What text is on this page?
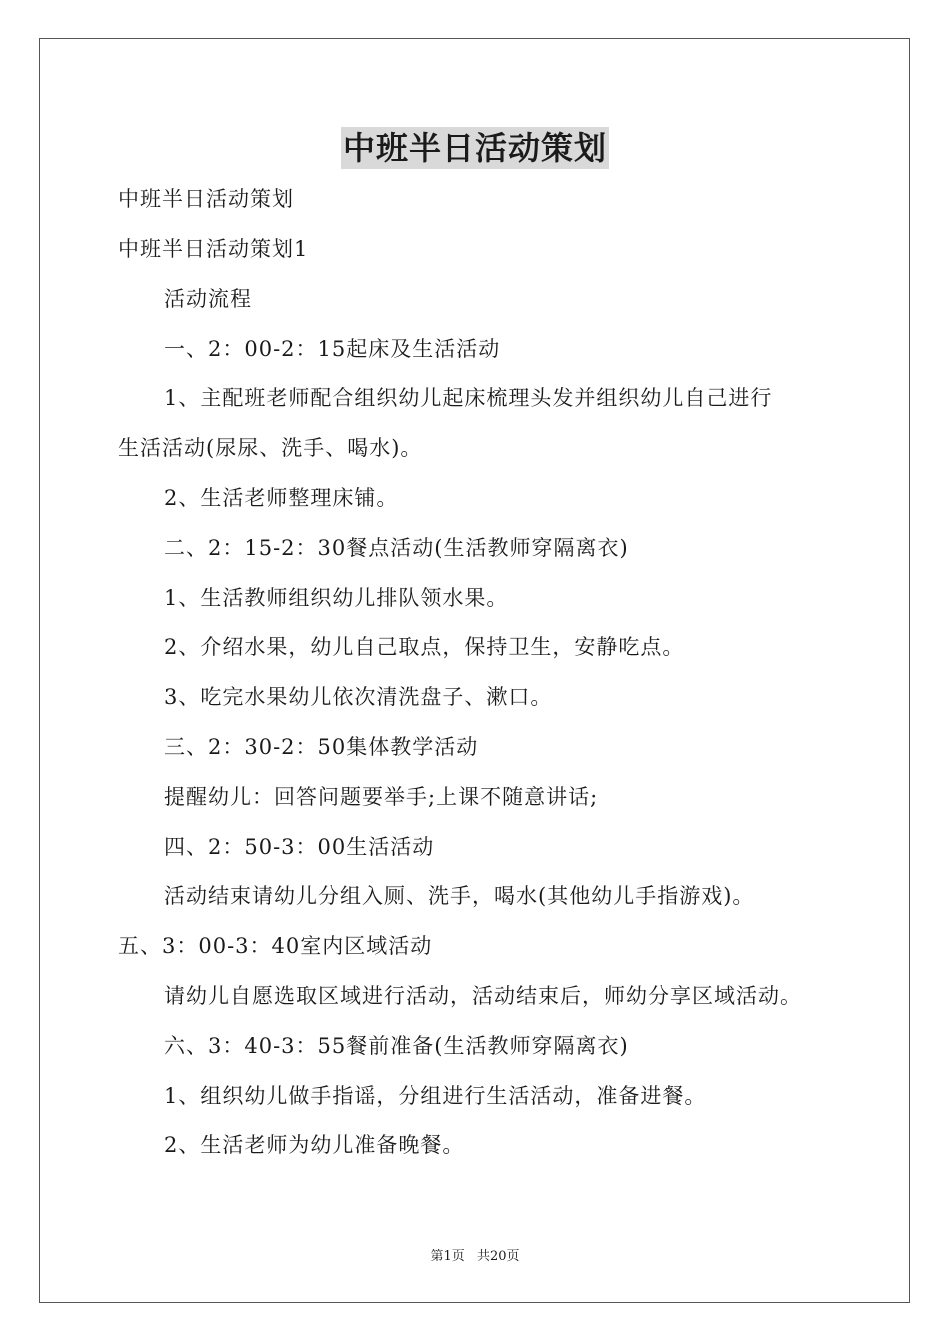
中班半日活动策划
中班半日活动策划
中班半日活动策划1
活动流程
一、2：00-2：15起床及生活活动
1、主配班老师配合组织幼儿起床梳理头发并组织幼儿自己进行
生活活动(尿尿、洗手、喝水)。
2、生活老师整理床铺。
二、2：15-2：30餐点活动(生活教师穿隔离衣)
1、生活教师组织幼儿排队领水果。
2、介绍水果，幼儿自己取点，保持卫生，安静吃点。
3、吃完水果幼儿依次清洗盘子、漱口。
三、2：30-2：50集体教学活动
提醒幼儿：回答问题要举手;上课不随意讲话;
四、2：50-3：00生活活动
活动结束请幼儿分组入厕、洗手，喝水(其他幼儿手指游戏)。
五、3：00-3：40室内区域活动
请幼儿自愿选取区域进行活动，活动结束后，师幼分享区域活动。
六、3：40-3：55餐前准备(生活教师穿隔离衣)
1、组织幼儿做手指谣，分组进行生活活动，准备进餐。
2、生活老师为幼儿准备晚餐。
第1页 共20页
